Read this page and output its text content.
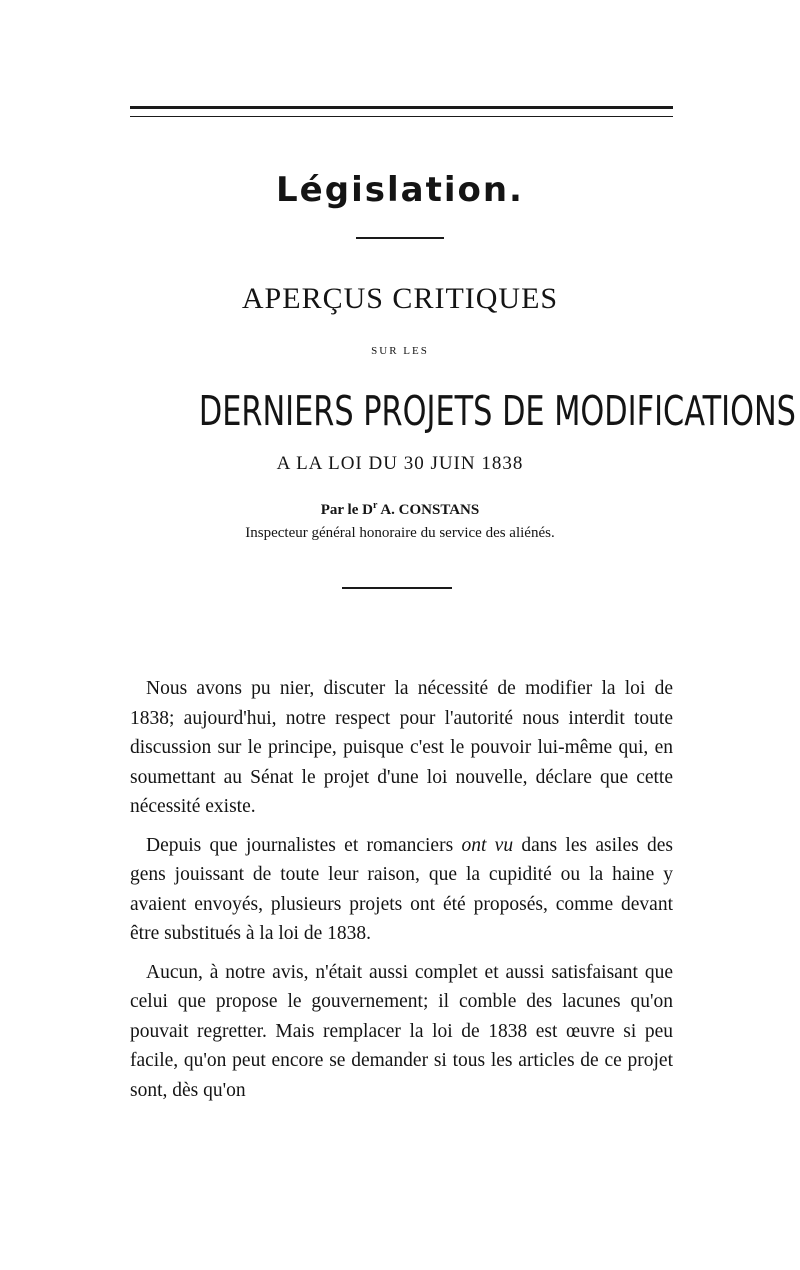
Législation.
APERÇUS CRITIQUES
SUR LES
DERNIERS PROJETS DE MODIFICATIONS
A LA LOI DU 30 JUIN 1838
Par le $D^r$ A. CONSTANS
Inspecteur général honoraire du service des aliénés.

Nous avons pu nier, discuter la nécessité de modifier la loi de 1838; aujourd'hui, notre respect pour l'autorité nous interdit toute discussion sur le principe, puisque c'est le pouvoir lui-même qui, en soumettant au Sénat le projet d'une loi nouvelle, déclare que cette nécessité existe.

Depuis que journalistes et romanciers ont vu dans les asiles des gens jouissant de toute leur raison, que la cupidité ou la haine y avaient envoyés, plusieurs projets ont été proposés, comme devant être substitués à la loi de 1838.

Aucun, à notre avis, n'était aussi complet et aussi satisfaisant que celui que propose le gouvernement; il comble des lacunes qu'on pouvait regretter. Mais remplacer la loi de 1838 est œuvre si peu facile, qu'on peut encore se demander si tous les articles de ce projet sont, dès qu'on
